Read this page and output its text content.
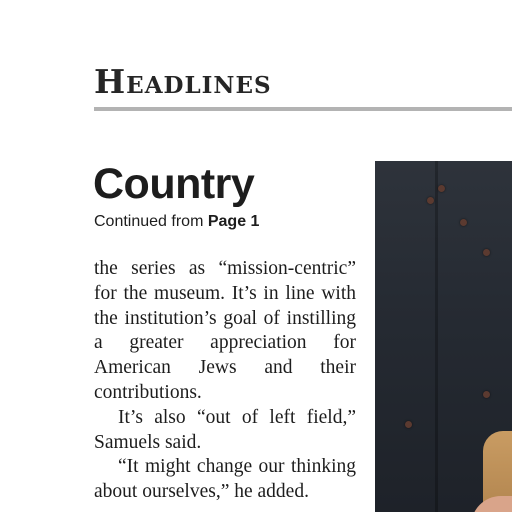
Headlines
Country
Continued from Page 1

the series as “mission-centric” for the museum. It’s in line with the institution’s goal of instilling a greater appreciation for American Jews and their contributions.

It’s also “out of left field,” Samuels said.

“It might change our thinking about ourselves,” he added.
